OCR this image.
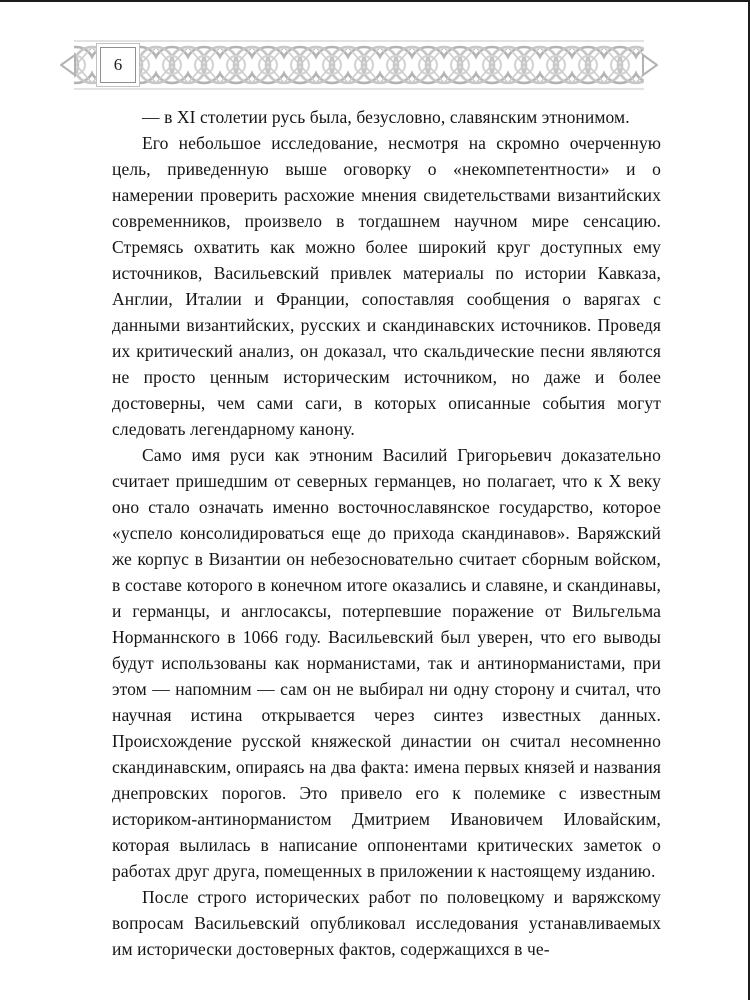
6

— в XI столетии русь была, безусловно, славянским этнонимом.

Его небольшое исследование, несмотря на скромно очерченную цель, приведенную выше оговорку о «некомпетентности» и о намерении проверить расхожие мнения свидетельствами византийских современников, произвело в тогдашнем научном мире сенсацию. Стремясь охватить как можно более широкий круг доступных ему источников, Васильевский привлек материалы по истории Кавказа, Англии, Италии и Франции, сопоставляя сообщения о варягах с данными византийских, русских и скандинавских источников. Проведя их критический анализ, он доказал, что скальдические песни являются не просто ценным историческим источником, но даже и более достоверны, чем сами саги, в которых описанные события могут следовать легендарному канону.

Само имя руси как этноним Василий Григорьевич доказательно считает пришедшим от северных германцев, но полагает, что к X веку оно стало означать именно восточнославянское государство, которое «успело консолидироваться еще до прихода скандинавов». Варяжский же корпус в Византии он небезосновательно считает сборным войском, в составе которого в конечном итоге оказались и славяне, и скандинавы, и германцы, и англосаксы, потерпевшие поражение от Вильгельма Норманнского в 1066 году. Васильевский был уверен, что его выводы будут использованы как норманистами, так и антинорманистами, при этом — напомним — сам он не выбирал ни одну сторону и считал, что научная истина открывается через синтез известных данных. Происхождение русской княжеской династии он считал несомненно скандинавским, опираясь на два факта: имена первых князей и названия днепровских порогов. Это привело его к полемике с известным историком-антинорманистом Дмитрием Ивановичем Иловайским, которая вылилась в написание оппонентами критических заметок о работах друг друга, помещенных в приложении к настоящему изданию.

После строго исторических работ по половецкому и варяжскому вопросам Васильевский опубликовал исследования устанавливаемых им исторически достоверных фактов, содержащихся в че-
